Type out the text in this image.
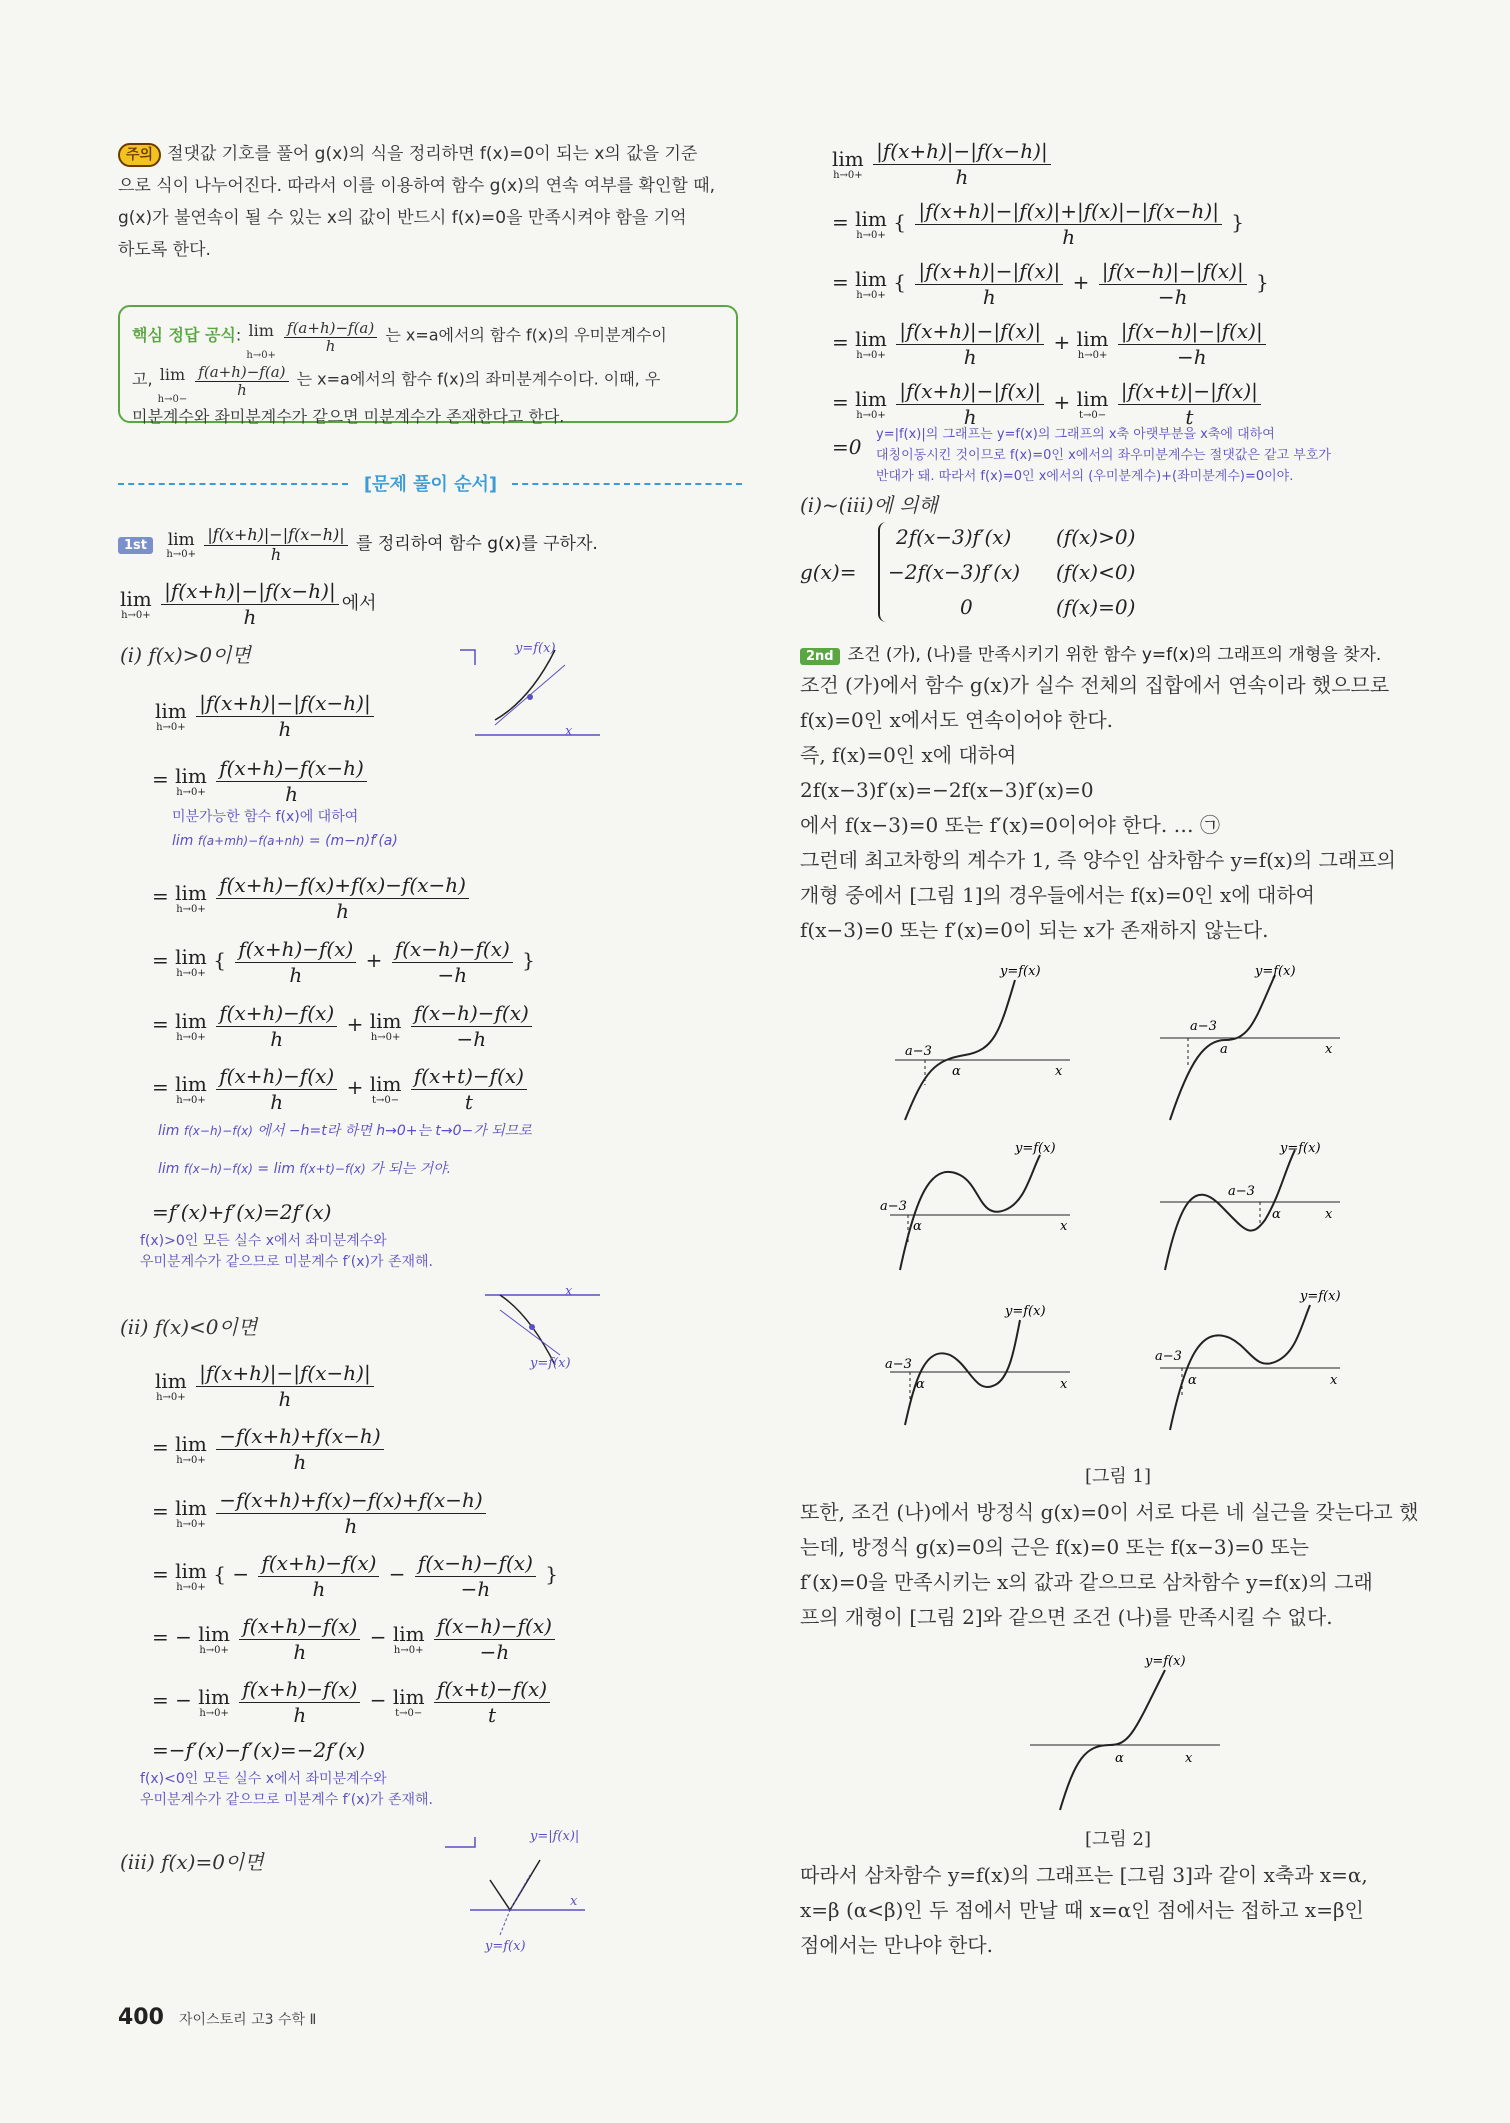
주의 절댓값 기호를 풀어 g(x)의 식을 정리하면 f(x)=0이 되는 x의 값을 기준
으로 식이 나누어진다. 따라서 이를 이용하여 함수 g(x)의 연속 여부를 확인할 때,
g(x)가 불연속이 될 수 있는 x의 값이 반드시 f(x)=0을 만족시켜야 함을 기억
하도록 한다.
핵심 정답 공식: lim
h→0+

$\frac{f(a+h)-f(a)}{h}$ 는 x=a에서의 함수 f(x)의 우미분계수이
고, lim
h→0−

$\frac{f(a+h)-f(a)}{h}$ 는 x=a에서의 함수 f(x)의 좌미분계수이다. 이때, 우
미분계수와 좌미분계수가 같으면 미분계수가 존재한다고 한다.
[문제 풀이 순서]
1st lim
h→0+
$\frac{|f(x+h)|-|f(x-h)|}{h}$ 를 정리하여 함수 g(x)를 구하자.
lim
h→0+
$\frac{|f(x+h)|-|f(x-h)|}{h}$ 에서
(ⅰ) f(x)>0이면
lim
h→0+
$\frac{|f(x+h)|-|f(x-h)|}{h}$
= lim
h→0+
$\frac{f(x+h)-f(x-h)}{h}$
미분가능한 함수 f(x)에 대하여
lim f(a+mh)−f(a+nh) = (m−n)f′(a)
= lim
h→0+
$\frac{f(x+h)-f(x)+f(x)-f(x-h)}{h}$
= lim
h→0+
{ $\frac{f(x+h)-f(x)}{h} + \frac{f(x-h)-f(x)}{-h}$ }
= lim
h→0+
$\frac{f(x+h)-f(x)}{h} + \lim$
h→0+
$\frac{f(x-h)-f(x)}{-h}$
= lim
h→0+
$\frac{f(x+h)-f(x)}{h} + \lim$
t→0−
$\frac{f(x+t)-f(x)}{t}$
lim f(x−h)−f(x) 에서 −h=t라 하면 h→0+는 t→0−가 되므로
lim f(x−h)−f(x) = lim f(x+t)−f(x) 가 되는 거야.
=f′(x)+f′(x)=2f′(x)
f(x)>0인 모든 실수 x에서 좌미분계수와
우미분계수가 같으므로 미분계수 f′(x)가 존재해.
(ⅱ) f(x)<0이면
lim
h→0+
$\frac{|f(x+h)|-|f(x-h)|}{h}$
= lim
h→0+
$\frac{-f(x+h)+f(x-h)}{h}$
= lim
h→0+
$\frac{-f(x+h)+f(x)-f(x)+f(x-h)}{h}$
= lim
h→0+
{ − $\frac{f(x+h)-f(x)}{h} - \frac{f(x-h)-f(x)}{-h}$ }
= − lim
h→0+
$\frac{f(x+h)-f(x)}{h} - \lim$
h→0+
$\frac{f(x-h)-f(x)}{-h}$
= − lim
h→0+
$\frac{f(x+h)-f(x)}{h} - \lim$
t→0−
$\frac{f(x+t)-f(x)}{t}$
=−f′(x)−f′(x)=−2f′(x)
f(x)<0인 모든 실수 x에서 좌미분계수와
우미분계수가 같으므로 미분계수 f′(x)가 존재해.
(ⅲ) f(x)=0이면
y=f(x)
x
x
y=f(x)
y=|f(x)|
x
y=f(x)
lim
h→0+
$\frac{|f(x+h)|-|f(x-h)|}{h}$
= lim
h→0+
{ $\frac{|f(x+h)|-|f(x)|+|f(x)|-|f(x-h)|}{h}$ }
= lim
h→0+
{ $\frac{|f(x+h)|-|f(x)|}{h} + \frac{|f(x-h)|-|f(x)|}{-h}$ }
= lim
h→0+
$\frac{|f(x+h)|-|f(x)|}{h} + \lim$
h→0+
$\frac{|f(x-h)|-|f(x)|}{-h}$
= lim
h→0+
$\frac{|f(x+h)|-|f(x)|}{h} + \lim$
t→0−
$\frac{|f(x+t)|-|f(x)|}{t}$
=0
y=|f(x)|의 그래프는 y=f(x)의 그래프의 x축 아랫부분을 x축에 대하여
대칭이동시킨 것이므로 f(x)=0인 x에서의 좌우미분계수는 절댓값은 같고 부호가
반대가 돼. 따라서 f(x)=0인 x에서의 (우미분계수)+(좌미분계수)=0이야.
(ⅰ)~(ⅲ)에 의해
g(x)=
2f(x−3)f′(x) (f(x)>0)
−2f(x−3)f′(x) (f(x)<0)
0	(f(x)=0)
2nd 조건 (가), (나)를 만족시키기 위한 함수 y=f(x)의 그래프의 개형을 찾자.
조건 (가)에서 함수 g(x)가 실수 전체의 집합에서 연속이라 했으므로
f(x)=0인 x에서도 연속이어야 한다.
즉, f(x)=0인 x에 대하여
2f(x−3)f′(x)=−2f(x−3)f′(x)=0
에서 f(x−3)=0 또는 f′(x)=0이어야 한다. … ㉠
그런데 최고차항의 계수가 1, 즉 양수인 삼차함수 y=f(x)의 그래프의
개형 중에서 [그림 1]의 경우들에서는 f(x)=0인 x에 대하여
f(x−3)=0 또는 f′(x)=0이 되는 x가 존재하지 않는다.
y=f(x)
a−3
α	x
y=f(x)
a−3
a	x
y=f(x)
a−3
α	x
y=f(x)
a−3
α	x
y=f(x)
a−3
α	x
y=f(x)
a−3
α	x
[그림 1]
또한, 조건 (나)에서 방정식 g(x)=0이 서로 다른 네 실근을 갖는다고 했
는데, 방정식 g(x)=0의 근은 f(x)=0 또는 f(x−3)=0 또는
f′(x)=0을 만족시키는 x의 값과 같으므로 삼차함수 y=f(x)의 그래
프의 개형이 [그림 2]와 같으면 조건 (나)를 만족시킬 수 없다.
y=f(x)
α	x
[그림 2]
따라서 삼차함수 y=f(x)의 그래프는 [그림 3]과 같이 x축과 x=α,
x=β (α<β)인 두 점에서 만날 때 x=α인 점에서는 접하고 x=β인
점에서는 만나야 한다.
400 자이스토리 고3 수학 Ⅱ
